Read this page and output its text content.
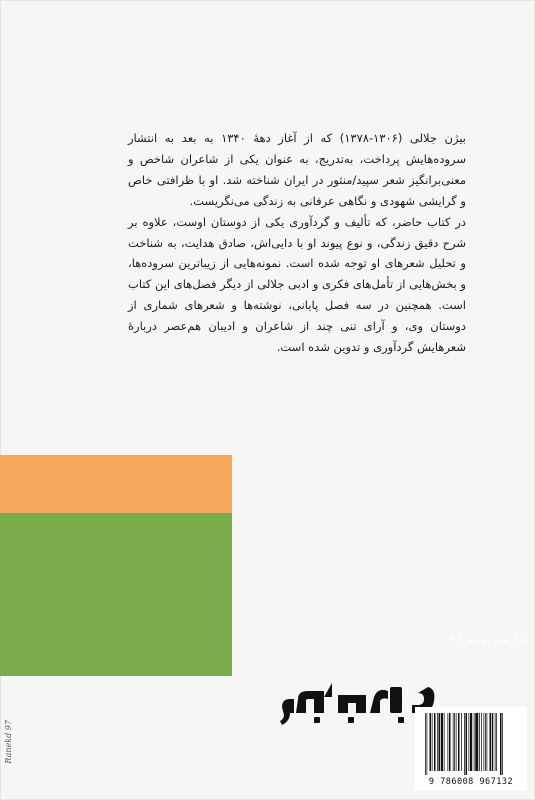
بیژن جلالی (۱۳۰۶-۱۳۷۸) که از آغاز دههٔ ۱۳۴۰ به بعد به انتشار سروده‌هایش پرداخت، به‌تدریج، به عنوان یکی از شاعران شاخص و معنی‌برانگیز شعر سپید/منثور در ایران شناخته شد. او با ظرافتی خاص و گرایشی شهودی و نگاهی عرفانی به زندگی می‌نگریست.

در کتاب حاضر، که تألیف و گردآوری یکی از دوستان اوست، علاوه بر شرح دقیق زندگی، و نوع پیوند او با دایی‌اش، صادق هدایت، به شناخت و تحلیل شعرهای او توجه شده است. نمونه‌هایی از زیباترین سروده‌ها، و بخش‌هایی از تأمل‌های فکری و ادبی جلالی از دیگر فصل‌های این کتاب است. همچنین در سه فصل پایانی، نوشته‌ها و شعرهای شماری از دوستان وی، و آرای تنی چند از شاعران و ادیبان هم‌عصر دربارهٔ شعرهایش گردآوری و تدوین شده است.

هزارتوی نوشتن/ ۹
Ranekd 97
9 786008 967132
